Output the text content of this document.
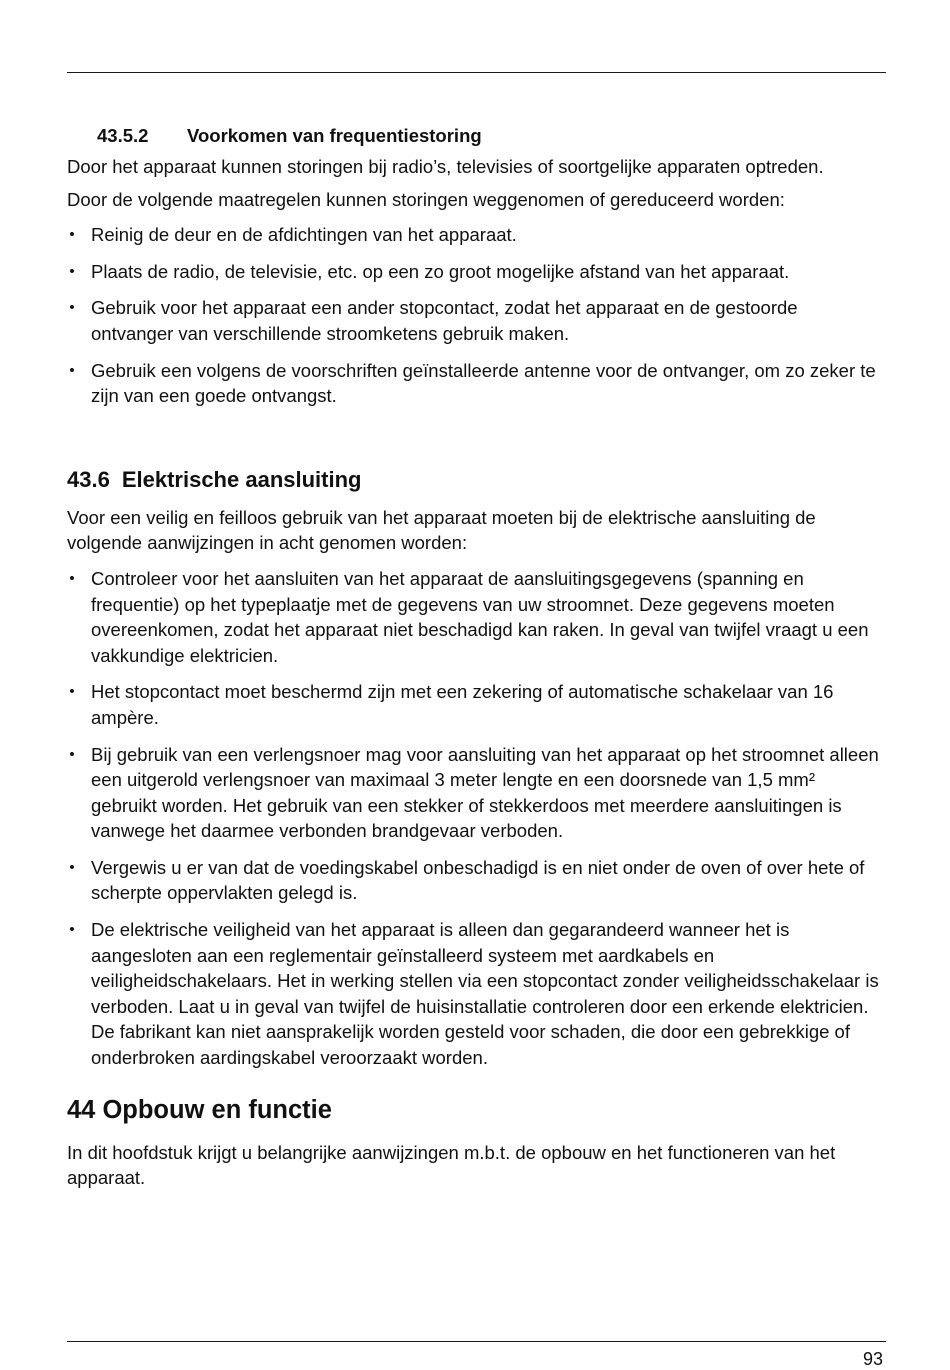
43.5.2 Voorkomen van frequentiestoring

Door het apparaat kunnen storingen bij radio’s, televisies of soortgelijke apparaten optreden.

Door de volgende maatregelen kunnen storingen weggenomen of gereduceerd worden:

• Reinig de deur en de afdichtingen van het apparaat.
• Plaats de radio, de televisie, etc. op een zo groot mogelijke afstand van het apparaat.
• Gebruik voor het apparaat een ander stopcontact, zodat het apparaat en de gestoorde ontvanger van verschillende stroomketens gebruik maken.
• Gebruik een volgens de voorschriften geïnstalleerde antenne voor de ontvanger, om zo zeker te zijn van een goede ontvangst.
43.6 Elektrische aansluiting

Voor een veilig en feilloos gebruik van het apparaat moeten bij de elektrische aansluiting de volgende aanwijzingen in acht genomen worden:

• Controleer voor het aansluiten van het apparaat de aansluitingsgegevens (spanning en frequentie) op het typeplaatje met de gegevens van uw stroomnet. Deze gegevens moeten overeenkomen, zodat het apparaat niet beschadigd kan raken. In geval van twijfel vraagt u een vakkundige elektricien.
• Het stopcontact moet beschermd zijn met een zekering of automatische schakelaar van 16 ampère.
• Bij gebruik van een verlengsnoer mag voor aansluiting van het apparaat op het stroomnet alleen een uitgerold verlengsnoer van maximaal 3 meter lengte en een doorsnede van 1,5 mm² gebruikt worden. Het gebruik van een stekker of stekkerdoos met meerdere aansluitingen is vanwege het daarmee verbonden brandgevaar verboden.
• Vergewis u er van dat de voedingskabel onbeschadigd is en niet onder de oven of over hete of scherpte oppervlakten gelegd is.
• De elektrische veiligheid van het apparaat is alleen dan gegarandeerd wanneer het is aangesloten aan een reglementair geïnstalleerd systeem met aardkabels en veiligheidschakelaars. Het in werking stellen via een stopcontact zonder veiligheidsschakelaar is verboden. Laat u in geval van twijfel de huisinstallatie controleren door een erkende elektricien.
De fabrikant kan niet aansprakelijk worden gesteld voor schaden, die door een gebrekkige of onderbroken aardingskabel veroorzaakt worden.
44 Opbouw en functie

In dit hoofdstuk krijgt u belangrijke aanwijzingen m.b.t. de opbouw en het functioneren van het apparaat.

93
